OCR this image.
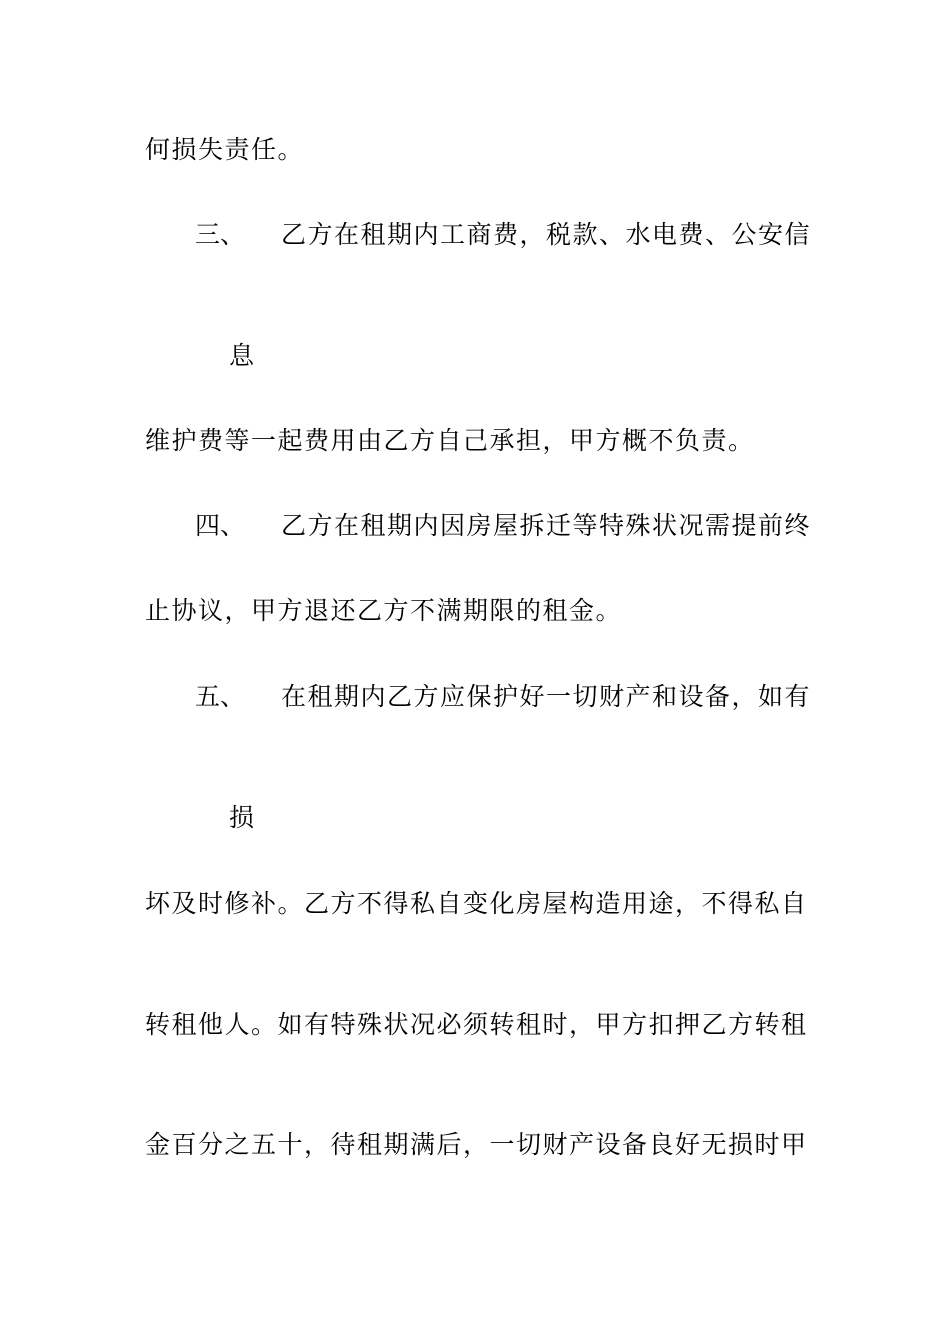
何损失责任。
三、 乙方在租期内工商费，税款、水电费、公安信
息
维护费等一起费用由乙方自己承担，甲方概不负责。
四、 乙方在租期内因房屋拆迁等特殊状况需提前终
止协议，甲方退还乙方不满期限的租金。
五、 在租期内乙方应保护好一切财产和设备，如有
损
坏及时修补。乙方不得私自变化房屋构造用途，不得私自
转租他人。如有特殊状况必须转租时，甲方扣押乙方转租
金百分之五十，待租期满后，一切财产设备良好无损时甲
